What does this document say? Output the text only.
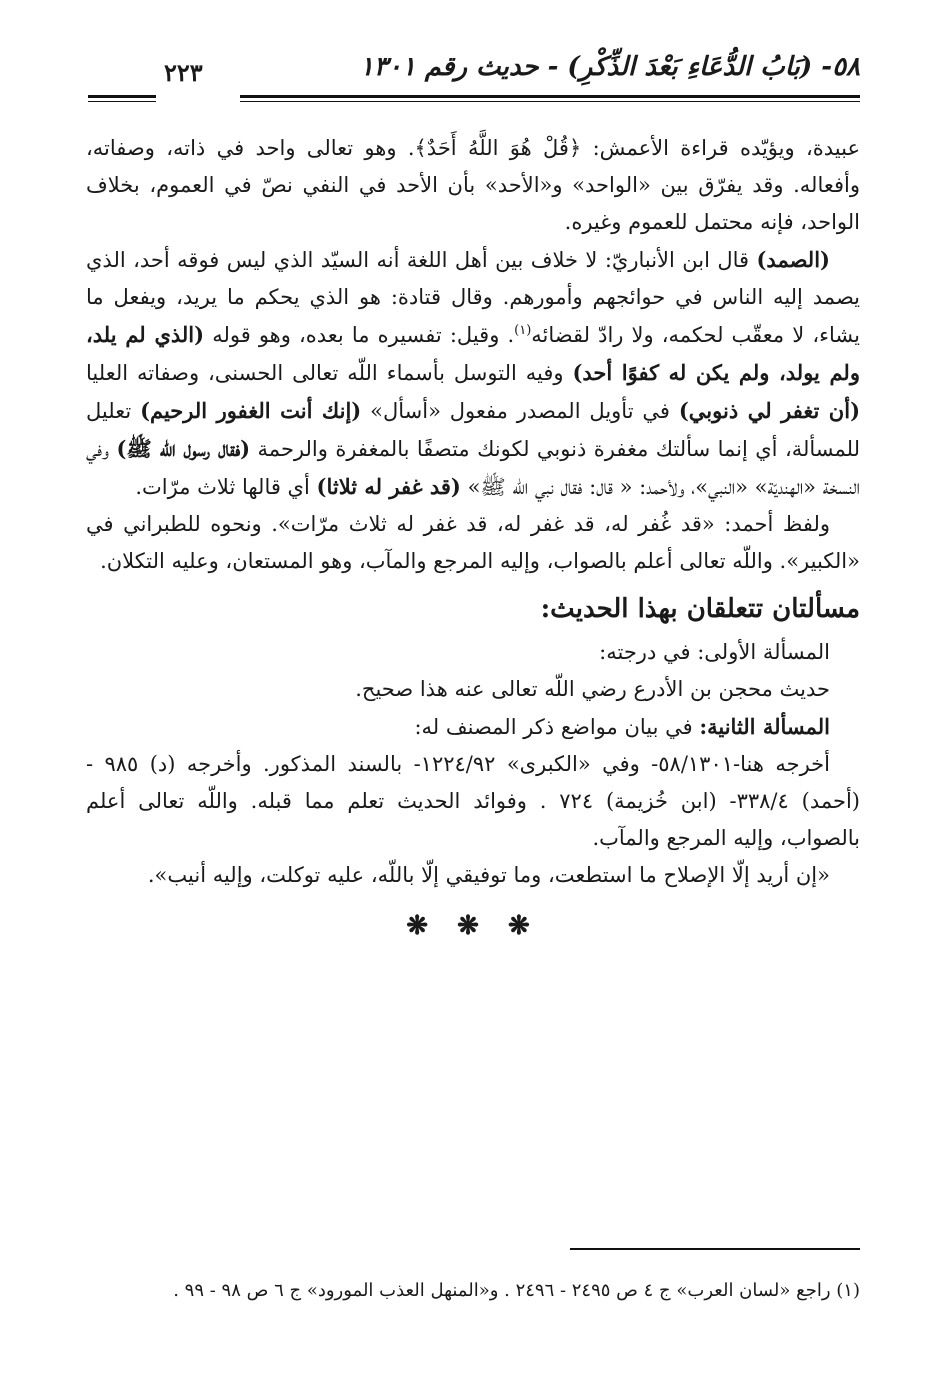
٥٨- (بَابُ الدُّعَاءِ بَعْدَ الذِّكْرِ) - حديث رقم ١٣٠١
٢٢٣

عبيدة، ويؤيّده قراءة الأعمش: ﴿قُلْ هُوَ اللَّهُ أَحَدٌ﴾. وهو تعالى واحد في ذاته، وصفاته، وأفعاله. وقد يفرّق بين «الواحد» و«الأحد» بأن الأحد في النفي نصّ في العموم، بخلاف الواحد، فإنه محتمل للعموم وغيره.

(الصمد) قال ابن الأنباريّ: لا خلاف بين أهل اللغة أنه السيّد الذي ليس فوقه أحد، الذي يصمد إليه الناس في حوائجهم وأمورهم. وقال قتادة: هو الذي يحكم ما يريد، ويفعل ما يشاء، لا معقّب لحكمه، ولا رادّ لقضائه$^{(١)}$. وقيل: تفسيره ما بعده، وهو قوله (الذي لم يلد، ولم يولد، ولم يكن له كفوًا أحد) وفيه التوسل بأسماء اللّه تعالى الحسنى، وصفاته العليا (أن تغفر لي ذنوبي) في تأويل المصدر مفعول «أسأل» (إنك أنت الغفور الرحيم) تعليل للمسألة، أي إنما سألتك مغفرة ذنوبي لكونك متصفًا بالمغفرة والرحمة (فقال رسول اللّه ﷺ) وفي النسخة «الهنديّة» «النبي»، ولأحمد: « قال: فقال نبي اللّه ﷺ» (قد غفر له ثلاثا) أي قالها ثلاث مرّات.

ولفظ أحمد: «قد غُفر له، قد غفر له، قد غفر له ثلاث مرّات». ونحوه للطبراني في «الكبير». واللّه تعالى أعلم بالصواب، وإليه المرجع والمآب، وهو المستعان، وعليه التكلان.

مسألتان تتعلقان بهذا الحديث:

المسألة الأولى: في درجته:

حديث محجن بن الأدرع رضي اللّه تعالى عنه هذا صحيح.

المسألة الثانية: في بيان مواضع ذكر المصنف له:

أخرجه هنا-٥٨/١٣٠١- وفي «الكبرى» ١٢٢٤/٩٢- بالسند المذكور. وأخرجه (د) ٩٨٥ - (أحمد) ٣٣٨/٤- (ابن خُزيمة) ٧٢٤ . وفوائد الحديث تعلم مما قبله. واللّه تعالى أعلم بالصواب، وإليه المرجع والمآب.

«إن أريد إلّا الإصلاح ما استطعت، وما توفيقي إلّا باللّه، عليه توكلت، وإليه أنيب».

❋ ❋ ❋

(١) راجع «لسان العرب» ج ٤ ص ٢٤٩٥ - ٢٤٩٦ . و«المنهل العذب المورود» ج ٦ ص ٩٨ - ٩٩ .
